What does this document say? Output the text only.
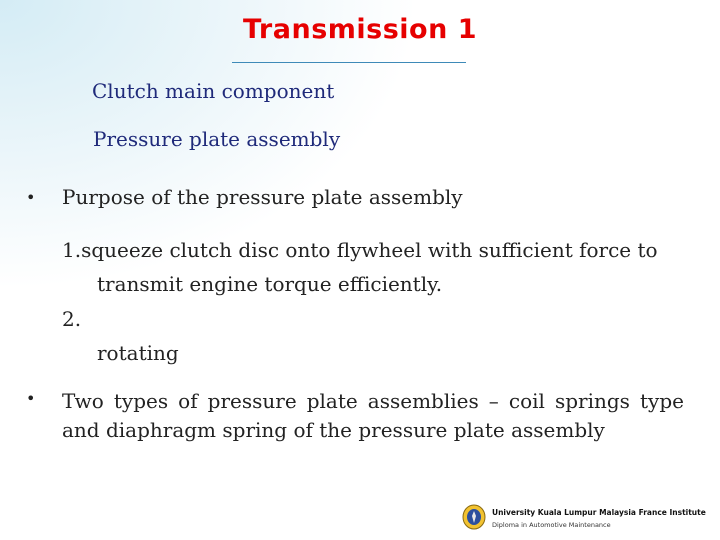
Transmission 1
Clutch main component
Pressure plate assembly
• Purpose of the pressure plate assembly
1.squeeze clutch disc onto flywheel with sufficient force to
transmit engine torque efficiently.
2.
rotating
• Two types of pressure plate assemblies – coil springs type
and diaphragm spring of the pressure plate assembly
University Kuala Lumpur Malaysia France Institute
Diploma in Automotive Maintenance
